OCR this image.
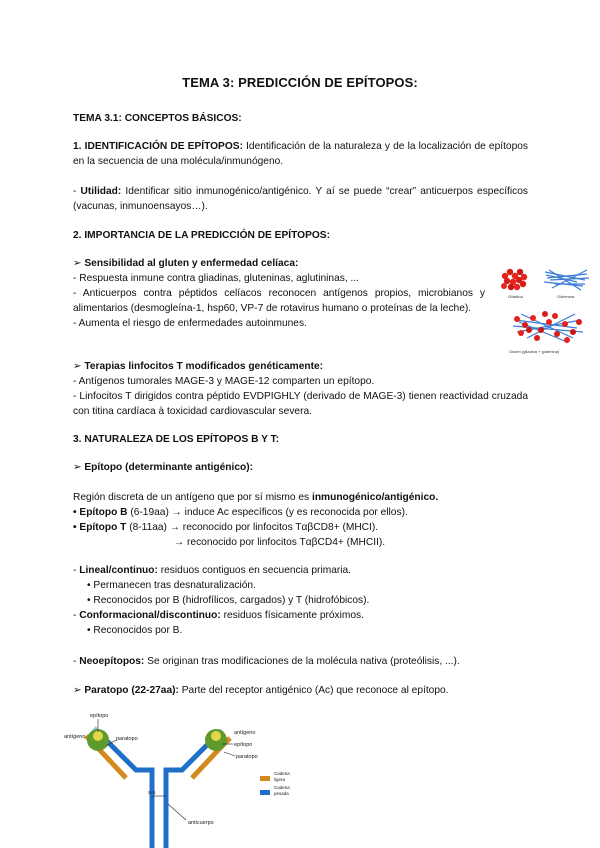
TEMA 3: PREDICCIÓN DE EPÍTOPOS:
TEMA 3.1: CONCEPTOS BÁSICOS:
1. IDENTIFICACIÓN DE EPÍTOPOS: Identificación de la naturaleza y de la localización de epítopos en la secuencia de una molécula/inmunógeno.
- Utilidad: Identificar sitio inmunogénico/antigénico. Y aí se puede “crear” anticuerpos específicos (vacunas, inmunoensayos…).
2. IMPORTANCIA DE LA PREDICCIÓN DE EPÍTOPOS:
➢ Sensibilidad al gluten y enfermedad celíaca:
- Respuesta inmune contra gliadinas, gluteninas, aglutininas, ...
- Anticuerpos contra péptidos celíacos reconocen antígenos propios, microbianos y alimentarios (desmogleína-1, hsp60, VP-7 de rotavirus humano o proteínas de la leche).
- Aumenta el riesgo de enfermedades autoinmunes.
➢ Terapias linfocitos T modificados genéticamente:
- Antígenos tumorales MAGE-3 y MAGE-12 comparten un epítopo.
- Linfocitos T dirigidos contra péptido EVDPIGHLY (derivado de MAGE-3) tienen reactividad cruzada con titina cardíaca à toxicidad cardiovascular severa.
Gliadina	Glutenina
Gluten (gliadina + glutenina)
3. NATURALEZA DE LOS EPÍTOPOS B Y T:
➢ Epítopo (determinante antigénico):
Región discreta de un antígeno que por sí mismo es inmunogénico/antigénico.
• Epítopo B (6-19aa) → induce Ac específicos (y es reconocida por ellos).
• Epítopo T (8-11aa) → reconocido por linfocitos TαβCD8+ (MHCI).
→ reconocido por linfocitos TαβCD4+ (MHCII).
- Lineal/continuo: residuos contiguos en secuencia primaria.
• Permanecen tras desnaturalización.
• Reconocidos por B (hidrofílicos, cargados) y T (hidrofóbicos).
- Conformacional/discontinuo: residuos físicamente próximos.
• Reconocidos por B.
- Neoepítopos: Se originan tras modificaciones de la molécula nativa (proteólisis, ...).
➢ Paratopo (22-27aa): Parte del receptor antigénico (Ac) que reconoce al epítopo.
epítopo
antígeno	paratopo
antígeno
epítopo
paratopo
S-S
anticuerpo
Cadena
ligera
Cadena
pesada
